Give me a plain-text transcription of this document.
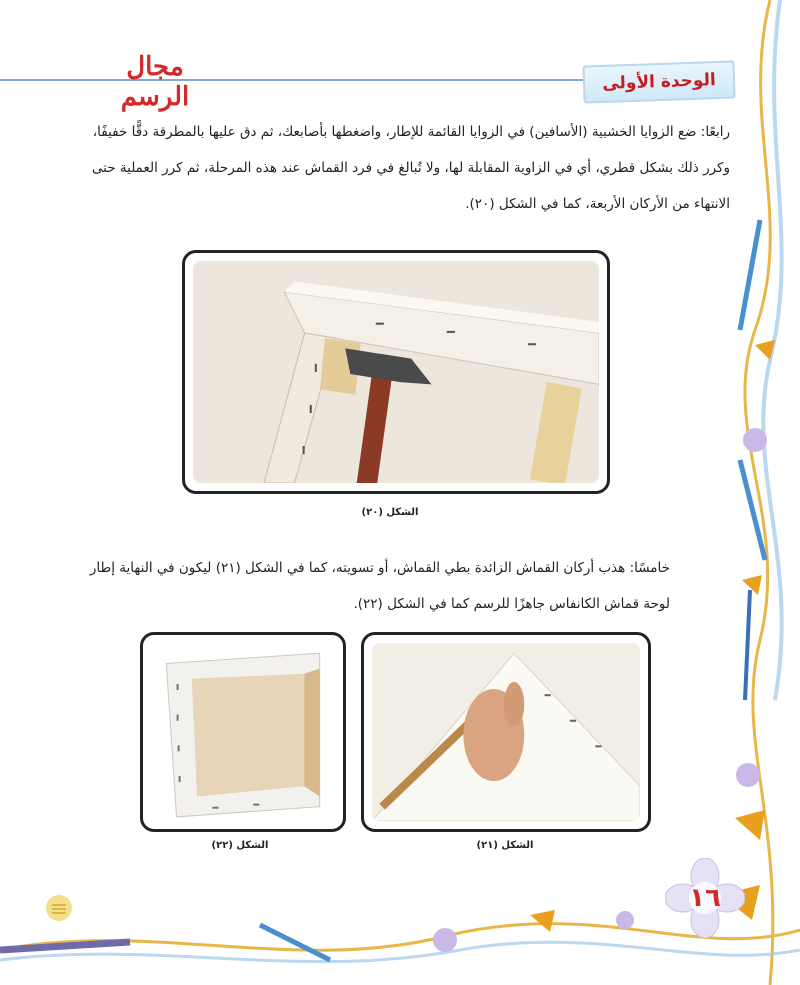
مجال الرسم	الوحدة الأولى
رابعًا: ضع الزوايا الخشبية (الأسافين) في الزوايا القائمة للإطار، واضغطها بأصابعك، ثم دق عليها بالمطرقة دقًّا خفيفًا، وكرر ذلك بشكل قطري، أي في الزاوية المقابلة لها، ولا تُبالغ في فرد القماش عند هذه المرحلة، ثم كرر العملية حتى الانتهاء من الأركان الأربعة، كما في الشكل (٢٠).
الشكل (٢٠)
خامسًا: هذب أركان القماش الزائدة بطي القماش، أو تسويته، كما في الشكل (٢١) ليكون في النهاية إطار لوحة قماش الكانفاس جاهزًا للرسم كما في الشكل (٢٢).
الشكل (٢١)
الشكل (٢٢)
١٦
